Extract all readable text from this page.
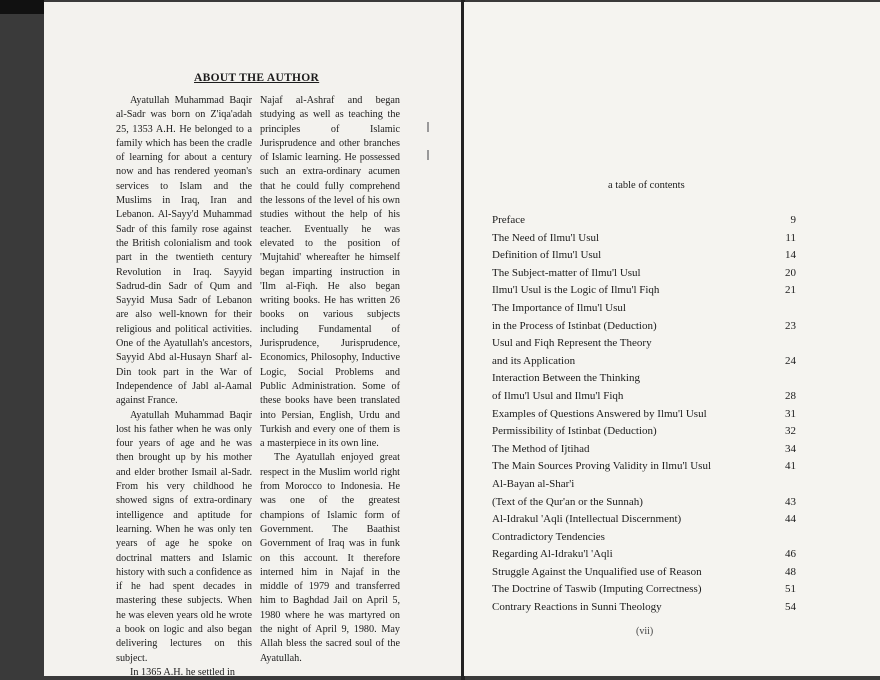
ABOUT THE AUTHOR

Ayatullah Muhammad Baqir al-Sadr was born on Z'iqa'adah 25, 1353 A.H. He belonged to a family which has been the cradle of learning for about a century now and has rendered yeoman's services to Islam and the Muslims in Iraq, Iran and Lebanon. Al-Sayy'd Muhammad Sadr of this family rose against the British colonialism and took part in the twentieth century Revolution in Iraq. Sayyid Sadrud-din Sadr of Qum and Sayyid Musa Sadr of Lebanon are also well-known for their religious and political activities. One of the Ayatullah's ancestors, Sayyid Abd al-Husayn Sharf al-Din took part in the War of Independence of Jabl al-Aamal against France.

Ayatullah Muhammad Baqir lost his father when he was only four years of age and he was then brought up by his mother and elder brother Ismail al-Sadr. From his very childhood he showed signs of extra-ordinary intelligence and aptitude for learning. When he was only ten years of age he spoke on doctrinal matters and Islamic history with such a confidence as if he had spent decades in mastering these subjects. When he was eleven years old he wrote a book on logic and also began delivering lectures on this subject.

In 1365 A.H. he settled in

Najaf al-Ashraf and began studying as well as teaching the principles of Islamic Jurisprudence and other branches of Islamic learning. He possessed such an extra-ordinary acumen that he could fully comprehend the lessons of the level of his own studies without the help of his teacher. Eventually he was elevated to the position of 'Mujtahid' whereafter he himself began imparting instruction in 'Ilm al-Fiqh. He also began writing books. He has written 26 books on various subjects including Fundamental of Jurisprudence, Jurisprudence, Economics, Philosophy, Inductive Logic, Social Problems and Public Administration. Some of these books have been translated into Persian, English, Urdu and Turkish and every one of them is a masterpiece in its own line.

The Ayatullah enjoyed great respect in the Muslim world right from Morocco to Indonesia. He was one of the greatest champions of Islamic form of Government. The Baathist Government of Iraq was in funk on this account. It therefore interned him in Najaf in the middle of 1979 and transferred him to Baghdad Jail on April 5, 1980 where he was martyred on the night of April 9, 1980. May Allah bless the sacred soul of the Ayatullah.

a table of contents
Preface	9
The Need of Ilmu'l Usul	11
Definition of Ilmu'l Usul	14
The Subject-matter of Ilmu'l Usul	20
Ilmu'l Usul is the Logic of Ilmu'l Fiqh	21
The Importance of Ilmu'l Usul
in the Process of Istinbat (Deduction)	23
Usul and Fiqh Represent the Theory
and its Application	24
Interaction Between the Thinking
of Ilmu'l Usul and Ilmu'l Fiqh	28
Examples of Questions Answered by Ilmu'l Usul	31
Permissibility of Istinbat (Deduction)	32
The Method of Ijtihad	34
The Main Sources Proving Validity in Ilmu'l Usul	41
Al-Bayan al-Shar'i
(Text of the Qur'an or the Sunnah)	43
Al-Idrakul 'Aqli (Intellectual Discernment)	44
Contradictory Tendencies
Regarding Al-Idraku'l 'Aqli	46
Struggle Against the Unqualified use of Reason	48
The Doctrine of Taswib (Imputing Correctness)	51
Contrary Reactions in Sunni Theology	54
(vii)
